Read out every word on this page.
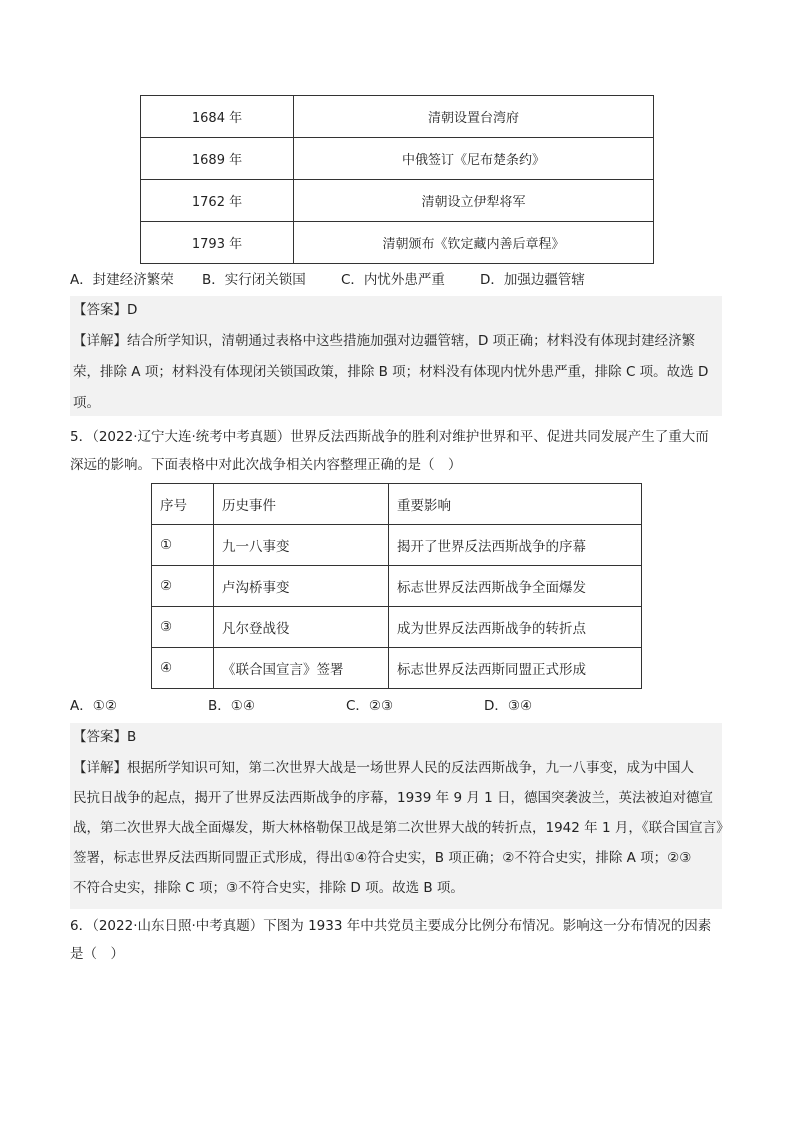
1684 年	清朝设置台湾府
1689 年	中俄签订《尼布楚条约》
1762 年	清朝设立伊犁将军
1793 年	清朝颁布《钦定藏内善后章程》
A．封建经济繁荣 B．实行闭关锁国	C．内忧外患严重	D．加强边疆管辖
【答案】D
【详解】结合所学知识，清朝通过表格中这些措施加强对边疆管辖，D 项正确；材料没有体现封建经济繁
荣，排除 A 项；材料没有体现闭关锁国政策，排除 B 项；材料没有体现内忧外患严重，排除 C 项。故选 D
项。
5．（2022·辽宁大连·统考中考真题）世界反法西斯战争的胜利对维护世界和平、促进共同发展产生了重大而
深远的影响。下面表格中对此次战争相关内容整理正确的是（　）
序号	历史事件	重要影响
①	九一八事变	揭开了世界反法西斯战争的序幕
②	卢沟桥事变	标志世界反法西斯战争全面爆发
③	凡尔登战役	成为世界反法西斯战争的转折点
④	《联合国宣言》签署	标志世界反法西斯同盟正式形成
A．①②	B．①④	C．②③	D．③④
【答案】B
【详解】根据所学知识可知，第二次世界大战是一场世界人民的反法西斯战争，九一八事变，成为中国人
民抗日战争的起点，揭开了世界反法西斯战争的序幕，1939 年 9 月 1 日，德国突袭波兰，英法被迫对德宣
战，第二次世界大战全面爆发，斯大林格勒保卫战是第二次世界大战的转折点，1942 年 1 月，《联合国宣言》
签署，标志世界反法西斯同盟正式形成，得出①④符合史实，B 项正确；②不符合史实，排除 A 项；②③
不符合史实，排除 C 项；③不符合史实，排除 D 项。故选 B 项。
6．（2022·山东日照·中考真题）下图为 1933 年中共党员主要成分比例分布情况。影响这一分布情况的因素
是（　）
